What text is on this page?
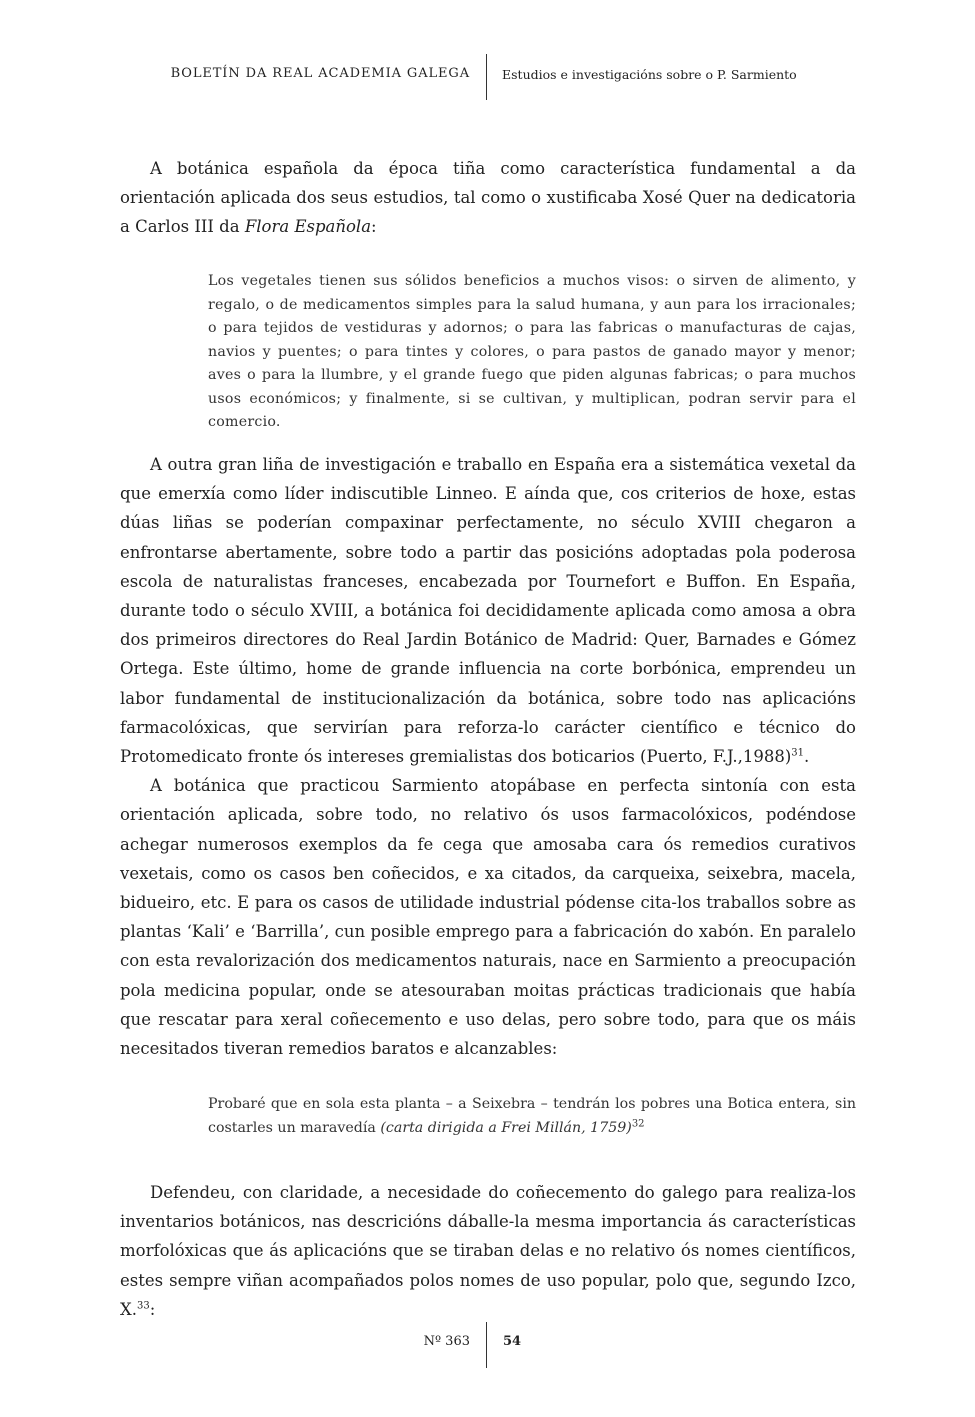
BOLETÍN DA REAL ACADEMIA GALEGA	Estudios e investigacións sobre o P. Sarmiento

A botánica española da época tiña como característica fundamental a da orientación aplicada dos seus estudios, tal como o xustificaba Xosé Quer na dedicatoria a Carlos III da Flora Española:

Los vegetales tienen sus sólidos beneficios a muchos visos: o sirven de alimento, y regalo, o de medicamentos simples para la salud humana, y aun para los irracionales; o para tejidos de vestiduras y adornos; o para las fabricas o manufacturas de cajas, navios y puentes; o para tintes y colores, o para pastos de ganado mayor y menor; aves o para la llumbre, y el grande fuego que piden algunas fabricas; o para muchos usos económicos; y finalmente, si se cultivan, y multiplican, podran servir para el comercio.

A outra gran liña de investigación e traballo en España era a sistemática vexetal da que emerxía como líder indiscutible Linneo. E aínda que, cos criterios de hoxe, estas dúas liñas se poderían compaxinar perfectamente, no século XVIII chegaron a enfrontarse abertamente, sobre todo a partir das posicións adoptadas pola poderosa escola de naturalistas franceses, encabezada por Tournefort e Buffon. En España, durante todo o século XVIII, a botánica foi decididamente aplicada como amosa a obra dos primeiros directores do Real Jardin Botánico de Madrid: Quer, Barnades e Gómez Ortega. Este último, home de grande influencia na corte borbónica, emprendeu un labor fundamental de institucionalización da botánica, sobre todo nas aplicacións farmacolóxicas, que servirían para reforza-lo carácter científico e técnico do Protomedicato fronte ós intereses gremialistas dos boticarios (Puerto, F.J.,1988)$^{31}$.

A botánica que practicou Sarmiento atopábase en perfecta sintonía con esta orientación aplicada, sobre todo, no relativo ós usos farmacolóxicos, podéndose achegar numerosos exemplos da fe cega que amosaba cara ós remedios curativos vexetais, como os casos ben coñecidos, e xa citados, da carqueixa, seixebra, macela, bidueiro, etc. E para os casos de utilidade industrial pódense cita-los traballos sobre as plantas ‘Kali’ e ‘Barrilla’, cun posible emprego para a fabricación do xabón. En paralelo con esta revalorización dos medicamentos naturais, nace en Sarmiento a preocupación pola medicina popular, onde se atesouraban moitas prácticas tradicionais que había que rescatar para xeral coñecemento e uso delas, pero sobre todo, para que os máis necesitados tiveran remedios baratos e alcanzables:

Probaré que en sola esta planta – a Seixebra – tendrán los pobres una Botica entera, sin costarles un maravedía (carta dirigida a Frei Millán, 1759)$^{32}$

Defendeu, con claridade, a necesidade do coñecemento do galego para realiza-los inventarios botánicos, nas descricións dáballe-la mesma importancia ás características morfolóxicas que ás aplicacións que se tiraban delas e no relativo ós nomes científicos, estes sempre viñan acompañados polos nomes de uso popular, polo que, segundo Izco, X.$^{33}$:

Nº 363	54
